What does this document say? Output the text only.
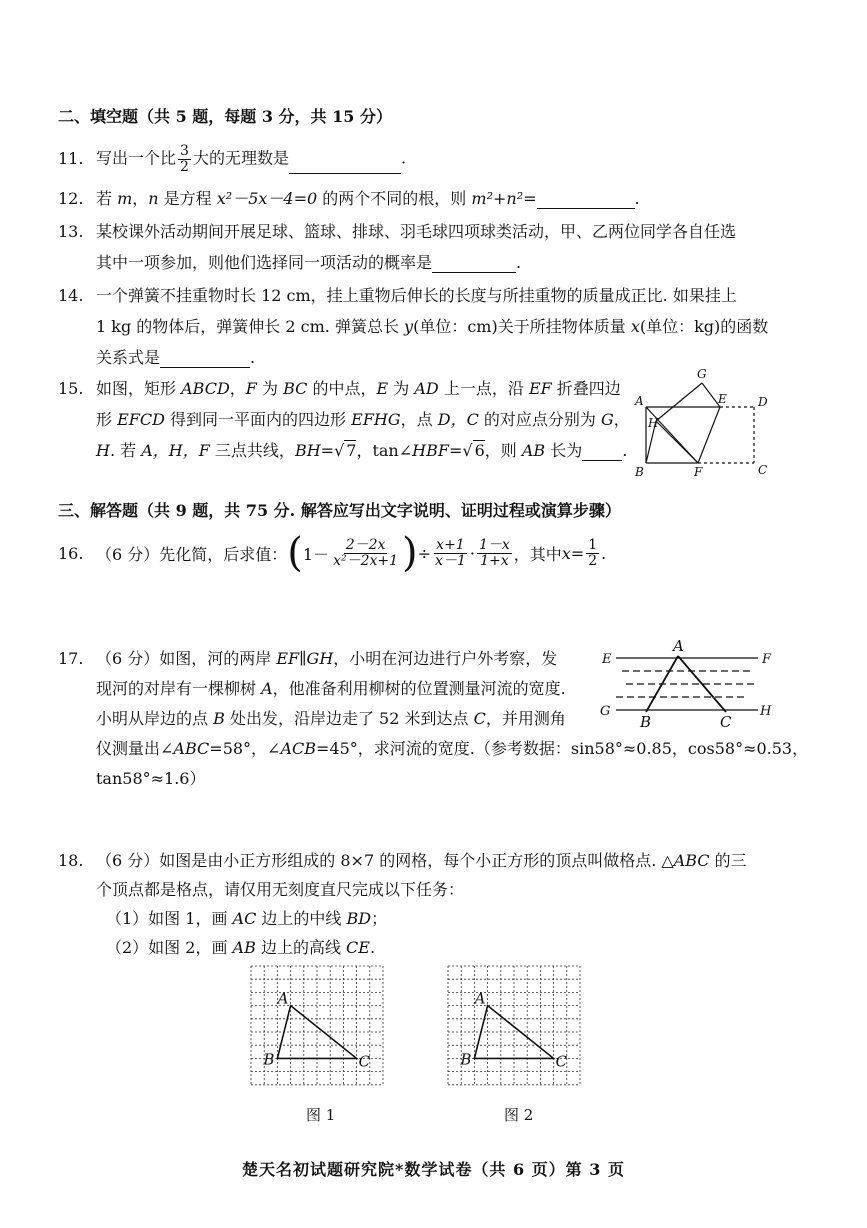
二、填空题（共 5 题，每题 3 分，共 15 分）
11. 写出一个比 $\frac{3}{2}$ 大的无理数是	.
12. 若 m，n 是方程 x²－5x－4=0 的两个不同的根，则 m²+n²=	.
13. 某校课外活动期间开展足球、篮球、排球、羽毛球四项球类活动，甲、乙两位同学各自任选
其中一项参加，则他们选择同一项活动的概率是	.
14. 一个弹簧不挂重物时长 12 cm，挂上重物后伸长的长度与所挂重物的质量成正比. 如果挂上
1 kg 的物体后，弹簧伸长 2 cm. 弹簧总长 y(单位：cm)关于所挂物体质量 x(单位：kg)的函数
关系式是	.
15. 如图，矩形 ABCD，F 为 BC 的中点，E 为 AD 上一点，沿 EF 折叠四边
形 EFCD 得到同一平面内的四边形 EFHG，点 D，C 的对应点分别为 G，
H. 若 A，H，F 三点共线，BH=√ 7，tan∠HBF=√ 6，则 AB 长为	.
A
B	C
D
E
F
G
H
三、解答题（共 9 题，共 75 分. 解答应写出文字说明、证明过程或演算步骤）
16. （6 分）先化简，后求值： ( $1- \frac{2-2x}{\text{x²－2x+1}}$ ) ÷ $\frac{x+1}{x-1} \cdot \frac{1-x}{1+x}$ ，其中 $x= \frac{1}{2}$ .
17. （6 分）如图，河的两岸 EF∥GH，小明在河边进行户外考察，发
现河的对岸有一棵柳树 A，他准备利用柳树的位置测量河流的宽度.
小明从岸边的点 B 处出发，沿岸边走了 52 米到达点 C，并用测角
仪测量出∠ABC=58°，∠ACB=45°，求河流的宽度.（参考数据：sin58°≈0.85，cos58°≈0.53，
tan58°≈1.6）
E	F
G	H
A
B	C
18. （6 分）如图是由小正方形组成的 8×7 的网格，每个小正方形的顶点叫做格点. △ABC 的三
个顶点都是格点，请仅用无刻度直尺完成以下任务：
（1）如图 1，画 AC 边上的中线 BD；
（2）如图 2，画 AB 边上的高线 CE.
A
B	C
A
B	C
图 1	图 2
楚天名初试题研究院*数学试卷（共 6 页）第 3 页
